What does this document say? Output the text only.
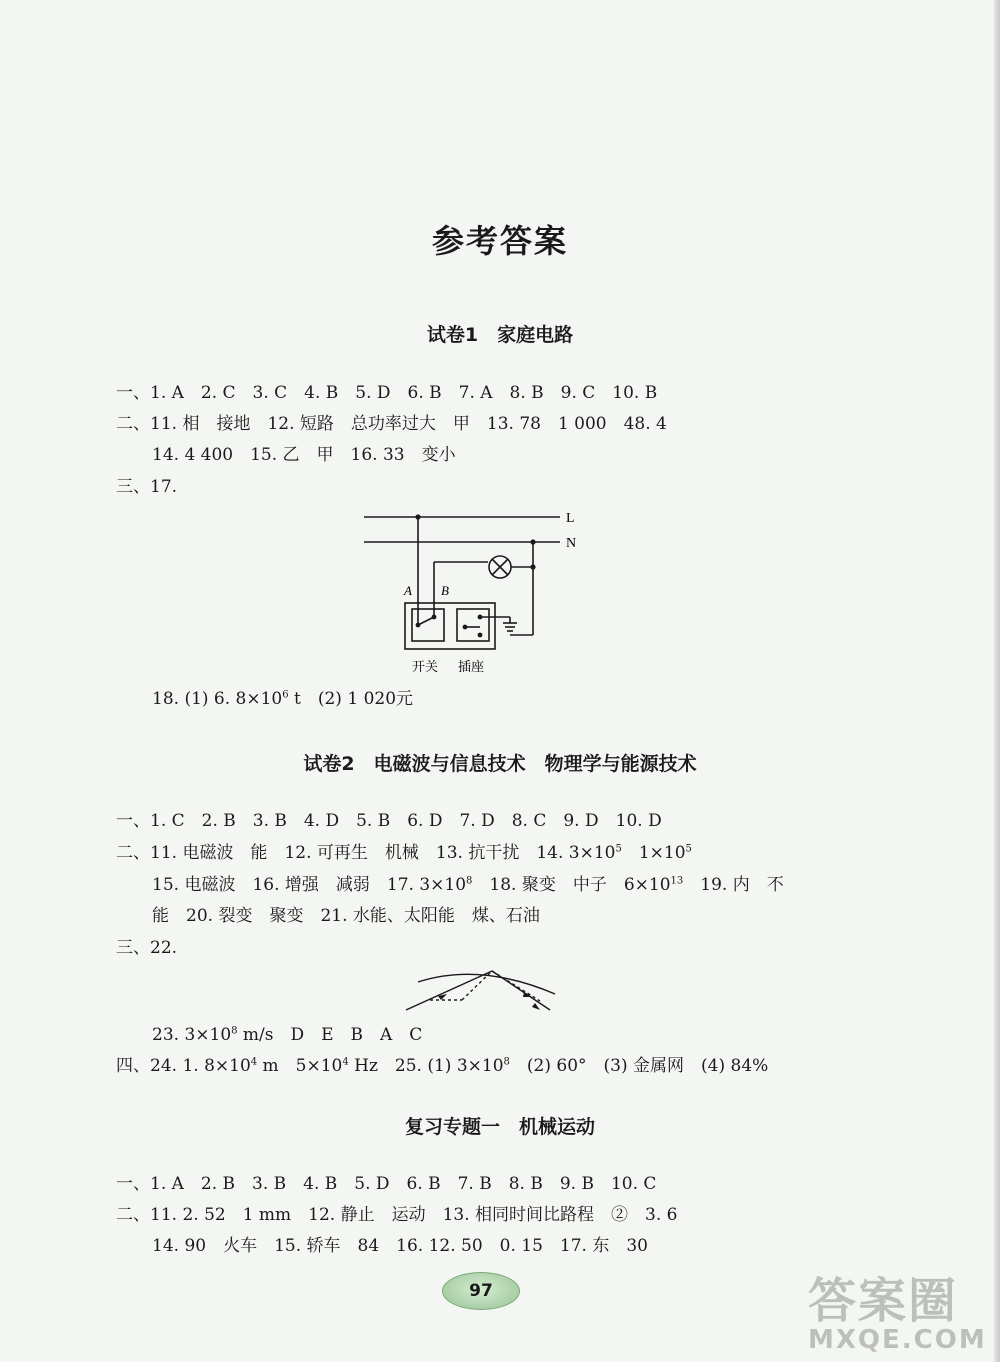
参考答案
试卷1　家庭电路
一、1. A　2. C　3. C　4. B　5. D　6. B　7. A　8. B　9. C　10. B
二、11. 相　接地　12. 短路　总功率过大　甲　13. 78　1 000　48. 4
14. 4 400　15. 乙　甲　16. 33　变小
三、17.
L
N
A B
开关 插座
18. (1) 6. $8\times 10^6$ t　(2) 1 020元
试卷2　电磁波与信息技术　物理学与能源技术
一、1. C　2. B　3. B　4. D　5. B　6. D　7. D　8. C　9. D　10. D
二、11. 电磁波　能　12. 可再生　机械　13. 抗干扰　14. $3\times 10^5$　$1\times 10^5$
15. 电磁波　16. 增强　减弱　17. $3\times 10^8$　18. 聚变　中子　$6\times 10^{13}$　19. 内　不
能　20. 裂变　聚变　21. 水能、太阳能　煤、石油
三、22.
23. $3\times 10^8$ m/s　D　E　B　A　C
四、24. 1. $8\times 10^4$ m　$5\times 10^4$ Hz　25. (1) $3\times 10^8$　(2) 60°　(3) 金属网　(4) 84%
复习专题一　机械运动
一、1. A　2. B　3. B　4. B　5. D　6. B　7. B　8. B　9. B　10. C
二、11. 2. 52　1 mm　12. 静止　运动　13. 相同时间比路程　②　3. 6
14. 90　火车　15. 轿车　84　16. 12. 50　0. 15　17. 东　30
97	答案圈
MXQE.COM
